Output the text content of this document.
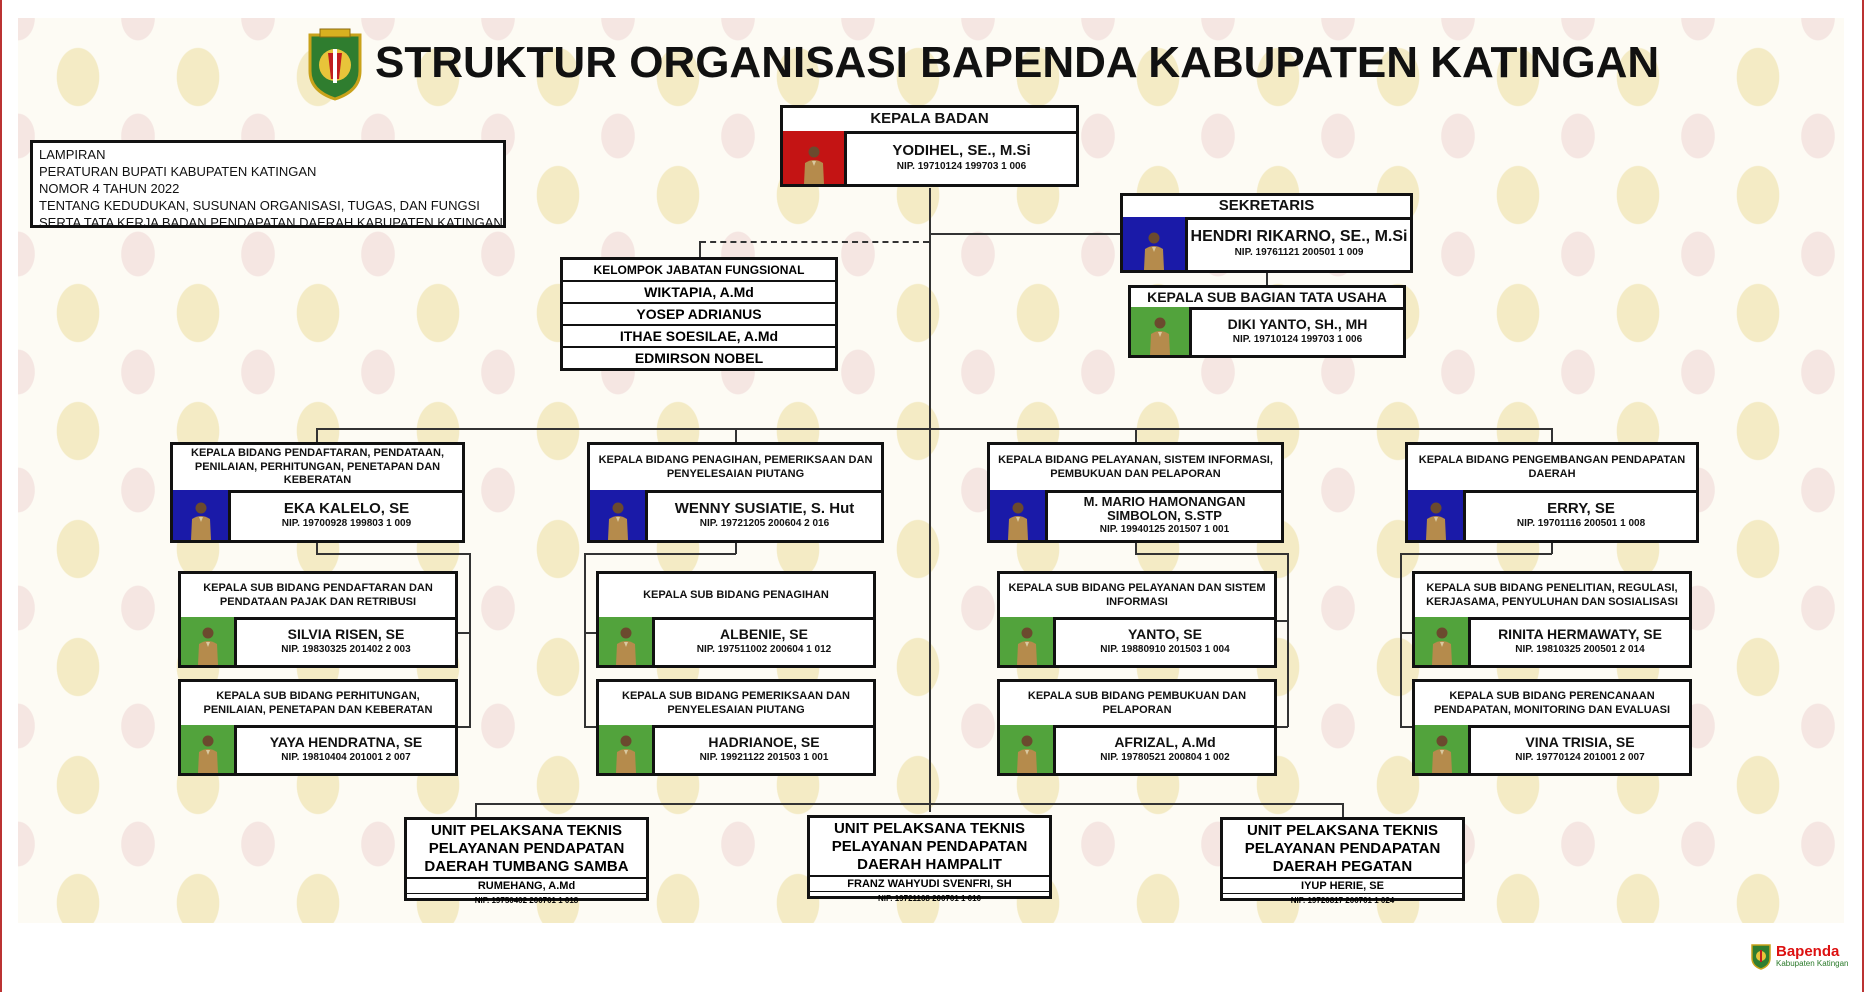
STRUKTUR ORGANISASI BAPENDA KABUPATEN KATINGAN
LAMPIRAN
PERATURAN BUPATI KABUPATEN KATINGAN
NOMOR 4 TAHUN 2022
TENTANG KEDUDUKAN, SUSUNAN ORGANISASI, TUGAS, DAN FUNGSI
SERTA TATA KERJA BADAN PENDAPATAN DAERAH KABUPATEN KATINGAN
KELOMPOK JABATAN FUNGSIONAL
WIKTAPIA, A.Md
YOSEP ADRIANUS
ITHAE SOESILAE, A.Md
EDMIRSON NOBEL
KEPALA BADAN
YODIHEL, SE., M.Si
NIP. 19710124 199703 1 006
SEKRETARIS
HENDRI RIKARNO, SE., M.Si
NIP. 19761121 200501 1 009
KEPALA SUB BAGIAN TATA USAHA
DIKI YANTO, SH., MH
NIP. 19710124 199703 1 006
KEPALA BIDANG PENDAFTARAN, PENDATAAN, PENILAIAN, PERHITUNGAN, PENETAPAN DAN KEBERATAN
EKA KALELO, SE
NIP. 19700928 199803 1 009
KEPALA BIDANG PENAGIHAN, PEMERIKSAAN DAN PENYELESAIAN PIUTANG
WENNY SUSIATIE, S. Hut
NIP. 19721205 200604 2 016
KEPALA BIDANG PELAYANAN, SISTEM INFORMASI, PEMBUKUAN DAN PELAPORAN
M. MARIO HAMONANGAN SIMBOLON, S.STP
NIP. 19940125 201507 1 001
KEPALA BIDANG PENGEMBANGAN PENDAPATAN DAERAH
ERRY, SE
NIP. 19701116 200501 1 008
KEPALA SUB BIDANG PENDAFTARAN DAN PENDATAAN PAJAK DAN RETRIBUSI
SILVIA RISEN, SE
NIP. 19830325 201402 2 003
KEPALA SUB BIDANG PERHITUNGAN, PENILAIAN, PENETAPAN DAN KEBERATAN
YAYA HENDRATNA, SE
NIP. 19810404 201001 2 007
KEPALA SUB BIDANG PENAGIHAN
ALBENIE, SE
NIP. 197511002 200604 1 012
KEPALA SUB BIDANG PEMERIKSAAN DAN PENYELESAIAN PIUTANG
HADRIANOE, SE
NIP. 19921122 201503 1 001
KEPALA SUB BIDANG PELAYANAN DAN SISTEM INFORMASI
YANTO, SE
NIP. 19880910 201503 1 004
KEPALA SUB BIDANG PEMBUKUAN DAN PELAPORAN
AFRIZAL, A.Md
NIP. 19780521 200804 1 002
KEPALA SUB BIDANG PENELITIAN, REGULASI, KERJASAMA, PENYULUHAN DAN SOSIALISASI
RINITA HERMAWATY, SE
NIP. 19810325 200501 2 014
KEPALA SUB BIDANG PERENCANAAN PENDAPATAN, MONITORING DAN EVALUASI
VINA TRISIA, SE
NIP. 19770124 201001 2 007
UNIT PELAKSANA TEKNIS PELAYANAN PENDAPATAN DAERAH TUMBANG SAMBA
RUMEHANG, A.Md
NIP. 19750402 200701 1 018
UNIT PELAKSANA TEKNIS PELAYANAN PENDAPATAN DAERAH HAMPALIT
FRANZ WAHYUDI SVENFRI, SH
NIP. 19721108 200701 1 010
UNIT PELAKSANA TEKNIS PELAYANAN PENDAPATAN DAERAH PEGATAN
IYUP HERIE, SE
NIP. 19720817 200701 1 024
Bapenda
Kabupaten Katingan
